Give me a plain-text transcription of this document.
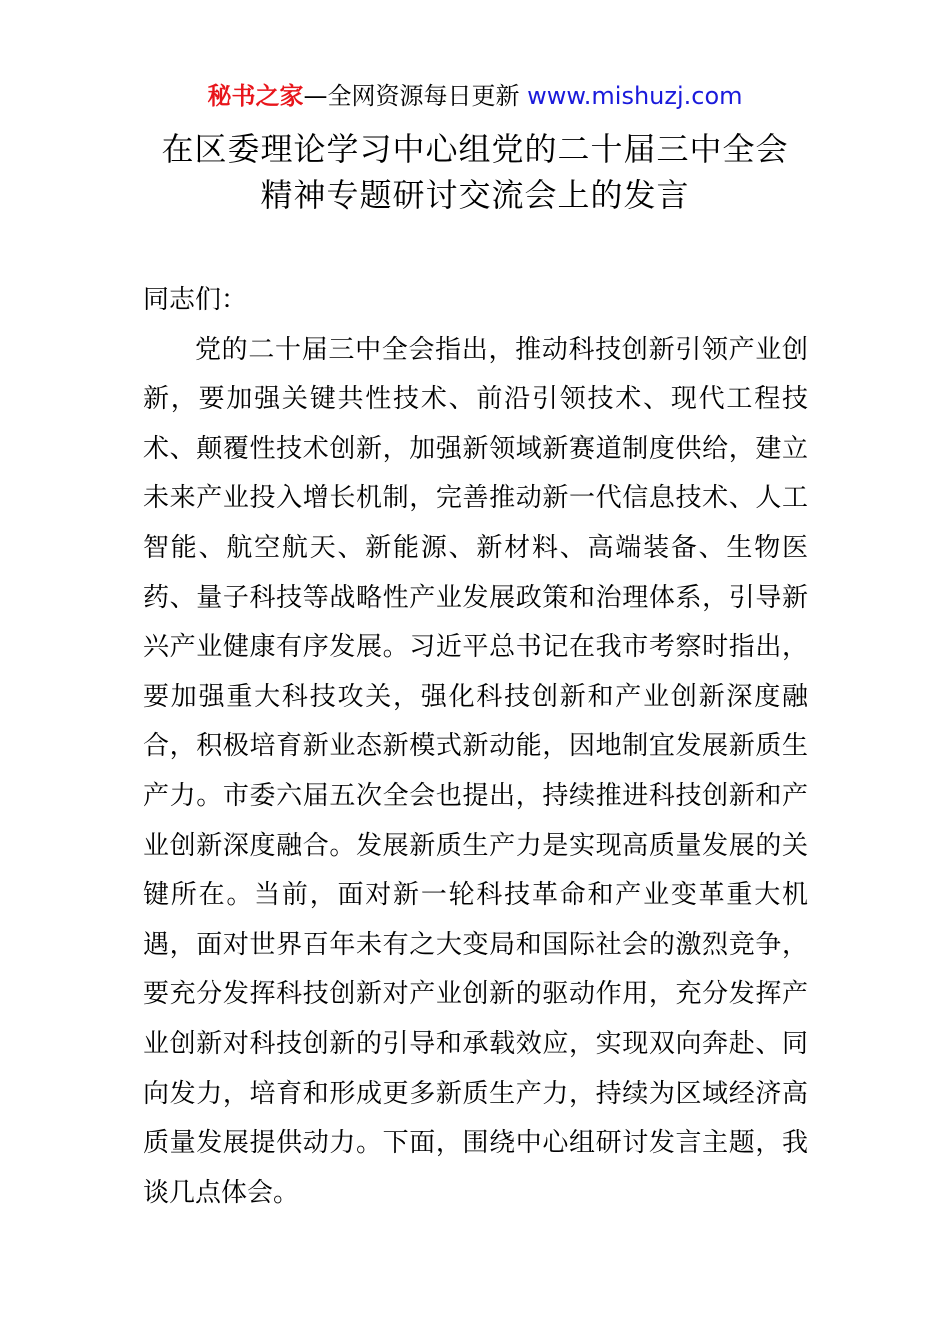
秘书之家—全网资源每日更新 www.mishuzj.com
在区委理论学习中心组党的二十届三中全会
精神专题研讨交流会上的发言

同志们：

党的二十届三中全会指出，推动科技创新引领产业创
新，要加强关键共性技术、前沿引领技术、现代工程技
术、颠覆性技术创新，加强新领域新赛道制度供给，建立
未来产业投入增长机制，完善推动新一代信息技术、人工
智能、航空航天、新能源、新材料、高端装备、生物医
药、量子科技等战略性产业发展政策和治理体系，引导新
兴产业健康有序发展。习近平总书记在我市考察时指出，
要加强重大科技攻关，强化科技创新和产业创新深度融
合，积极培育新业态新模式新动能，因地制宜发展新质生
产力。市委六届五次全会也提出，持续推进科技创新和产
业创新深度融合。发展新质生产力是实现高质量发展的关
键所在。当前，面对新一轮科技革命和产业变革重大机
遇，面对世界百年未有之大变局和国际社会的激烈竞争，
要充分发挥科技创新对产业创新的驱动作用，充分发挥产
业创新对科技创新的引导和承载效应，实现双向奔赴、同
向发力，培育和形成更多新质生产力，持续为区域经济高
质量发展提供动力。下面，围绕中心组研讨发言主题，我
谈几点体会。
